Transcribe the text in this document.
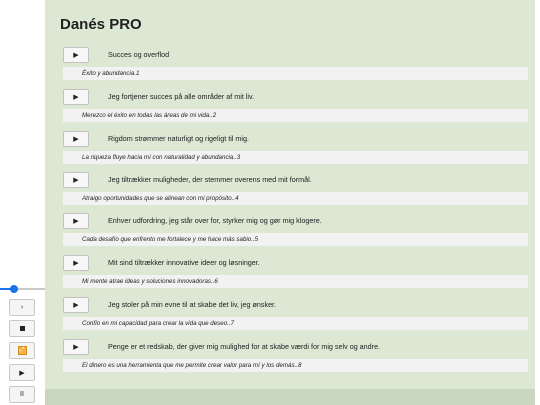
›
⤢
▶
II
Danés PRO
▶	Succes og overflod
Éxito y abundancia.1
▶	Jeg fortjener succes på alle områder af mit liv.
Merezco el éxito en todas las áreas de mi vida..2
▶	Rigdom strømmer naturligt og rigeligt til mig.
La riqueza fluye hacia mí con naturalidad y abundancia..3
▶	Jeg tiltrækker muligheder, der stemmer overens med mit formål.
Atraigo oportunidades que se alinean con mi propósito..4
▶	Enhver udfordring, jeg står over for, styrker mig og gør mig klogere.
Cada desafío que enfrento me fortalece y me hace más sabio..5
▶	Mit sind tiltrækker innovative ideer og løsninger.
Mi mente atrae ideas y soluciones innovadoras..6
▶	Jeg stoler på min evne til at skabe det liv, jeg ønsker.
Confío en mi capacidad para crear la vida que deseo..7
▶	Penge er et redskab, der giver mig mulighed for at skabe værdi for mig selv og andre.
El dinero es una herramienta que me permite crear valor para mí y los demás..8
